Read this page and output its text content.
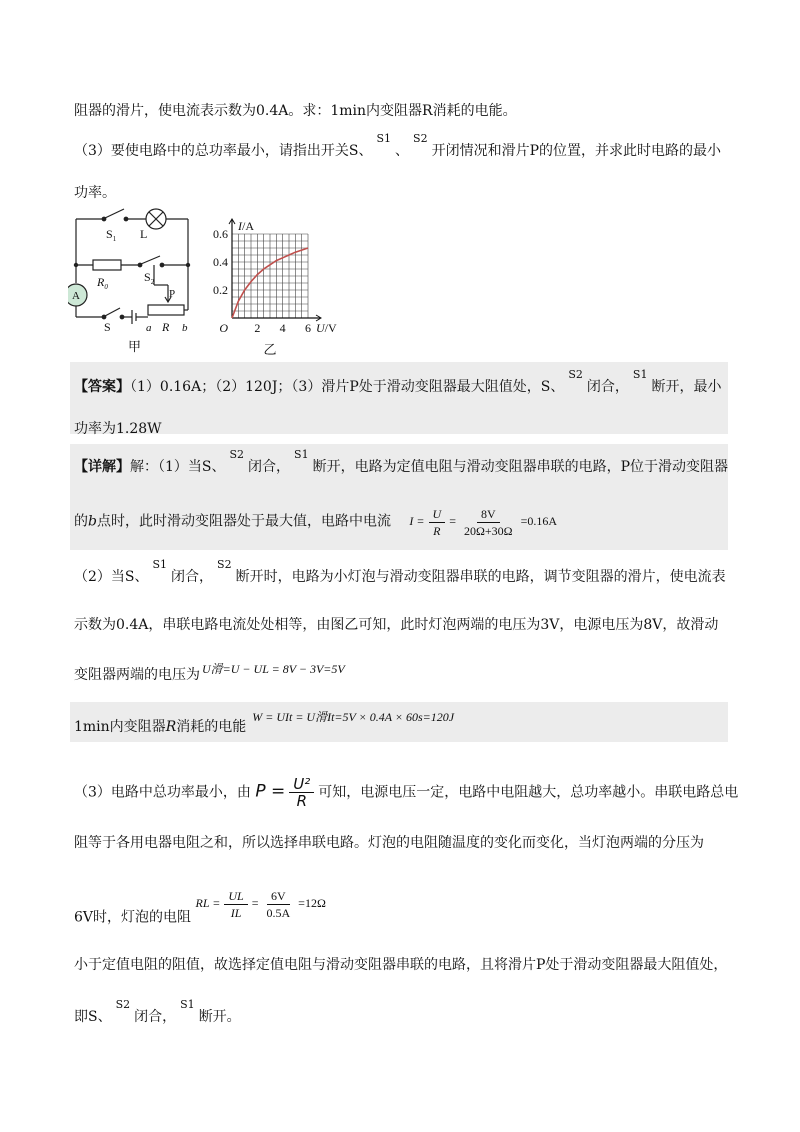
阻器的滑片，使电流表示数为0.4A。求：1min内变阻器R消耗的电能。
（3）要使电路中的总功率最小，请指出开关S、$^{S1}$、$^{S2}$开闭情况和滑片P的位置，并求此时电路的最小
功率。
A
$S_1$ L
$R_0$
$S_2$
P
S	a R b
甲
2 4 6
0.2
0.4
0.6
O
I/A
U/V
乙
【答案】（1）0.16A；（2）120J；（3）滑片P处于滑动变阻器最大阻值处，S、$^{S2}$闭合，$^{S1}$断开，最小
功率为1.28W
【详解】解：（1）当S、$^{S2}$闭合，$^{S1}$断开，电路为定值电阻与滑动变阻器串联的电路，P位于滑动变阻器
的b点时，此时滑动变阻器处于最大值，电路中电流 $I = \frac{U}{R} = \frac{8V}{20\Omega+30\Omega} =0.16A$
（2）当S、$^{S1}$闭合，$^{S2}$断开时，电路为小灯泡与滑动变阻器串联的电路，调节变阻器的滑片，使电流表
示数为0.4A，串联电路电流处处相等，由图乙可知，此时灯泡两端的电压为3V，电源电压为8V，故滑动
变阻器两端的电压为 U滑=U − UL = 8V − 3V=5V
1min内变阻器R消耗的电能W = UIt = U滑It=5V × 0.4A × 60s=120J
（3）电路中总功率最小，由 $P = \frac{\text{U²}}{R}$ 可知，电源电压一定，电路中电阻越大，总功率越小。串联电路总电
阻等于各用电器电阻之和，所以选择串联电路。灯泡的电阻随温度的变化而变化，当灯泡两端的分压为
6V时，灯泡的电阻 RL = $\frac{UL}{IL} = \frac{6V}{0.5A} =12\Omega$
小于定值电阻的阻值，故选择定值电阻与滑动变阻器串联的电路，且将滑片P处于滑动变阻器最大阻值处，
即S、$^{S2}$闭合，$^{S1}$断开。
